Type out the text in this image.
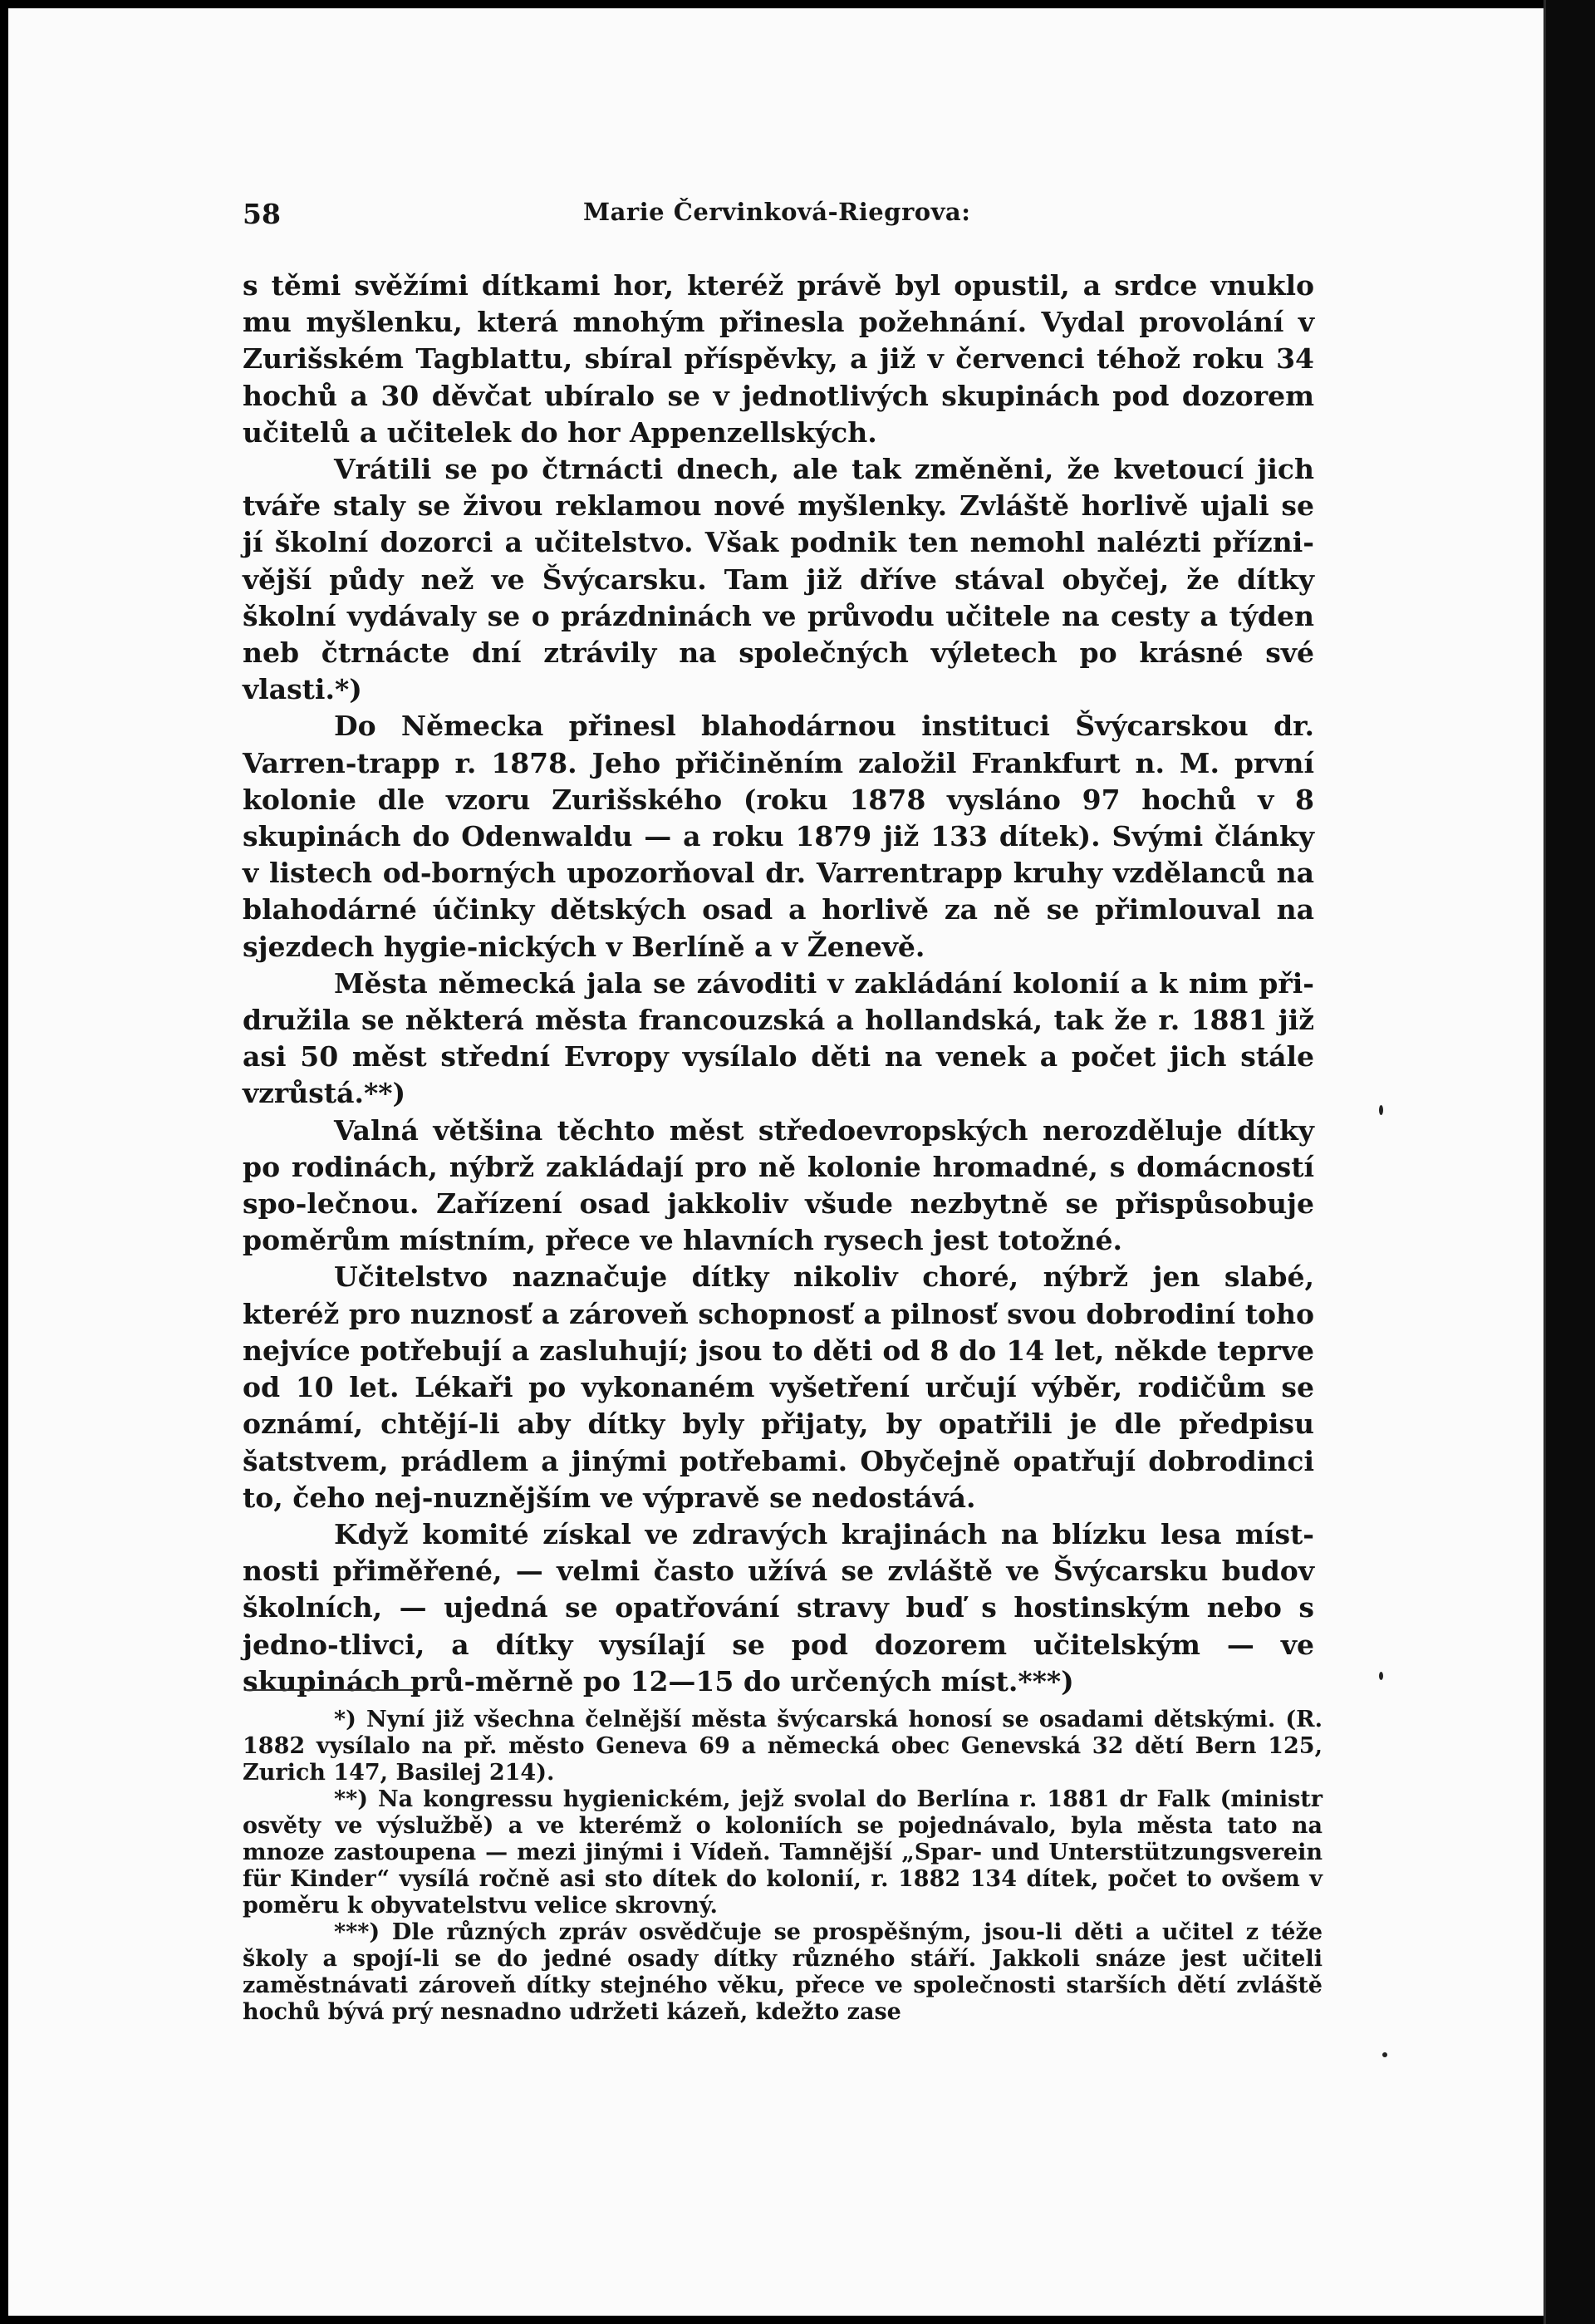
58	Marie Červinková-Riegrova:

s těmi svěžími dítkami hor, kteréž právě byl opustil, a srdce vnuklo mu myšlenku, která mnohým přinesla požehnání. Vydal provolání v Zurišském Tagblattu, sbíral příspěvky, a již v červenci téhož roku 34 hochů a 30 děvčat ubíralo se v jednotlivých skupinách pod dozorem učitelů a učitelek do hor Appenzellských.

Vrátili se po čtrnácti dnech, ale tak změněni, že kvetoucí jich tváře staly se živou reklamou nové myšlenky. Zvláště horlivě ujali se jí školní dozorci a učitelstvo. Však podnik ten nemohl nalézti přízni-vější půdy než ve Švýcarsku. Tam již dříve stával obyčej, že dítky školní vydávaly se o prázdninách ve průvodu učitele na cesty a týden neb čtrnácte dní ztrávily na společných výletech po krásné své vlasti.*)

Do Německa přinesl blahodárnou instituci Švýcarskou dr. Varren-trapp r. 1878. Jeho přičiněním založil Frankfurt n. M. první kolonie dle vzoru Zurišského (roku 1878 vysláno 97 hochů v 8 skupinách do Odenwaldu — a roku 1879 již 133 dítek). Svými články v listech od-borných upozorňoval dr. Varrentrapp kruhy vzdělanců na blahodárné účinky dětských osad a horlivě za ně se přimlouval na sjezdech hygie-nických v Berlíně a v Ženevě.

Města německá jala se závoditi v zakládání kolonií a k nim při-družila se některá města francouzská a hollandská, tak že r. 1881 již asi 50 měst střední Evropy vysílalo děti na venek a počet jich stále vzrůstá.**)

Valná většina těchto měst středoevropských nerozděluje dítky po rodinách, nýbrž zakládají pro ně kolonie hromadné, s domácností spo-lečnou. Zařízení osad jakkoliv všude nezbytně se přispůsobuje poměrům místním, přece ve hlavních rysech jest totožné.

Učitelstvo naznačuje dítky nikoliv choré, nýbrž jen slabé, kteréž pro nuznosť a zároveň schopnosť a pilnosť svou dobrodiní toho nejvíce potřebují a zasluhují; jsou to děti od 8 do 14 let, někde teprve od 10 let. Lékaři po vykonaném vyšetření určují výběr, rodičům se oznámí, chtějí-li aby dítky byly přijaty, by opatřili je dle předpisu šatstvem, prádlem a jinými potřebami. Obyčejně opatřují dobrodinci to, čeho nej-nuznějším ve výpravě se nedostává.

Když komité získal ve zdravých krajinách na blízku lesa míst-nosti přiměřené, — velmi často užívá se zvláště ve Švýcarsku budov školních, — ujedná se opatřování stravy buď s hostinským nebo s jedno-tlivci, a dítky vysílají se pod dozorem učitelským — ve skupinách prů-měrně po 12—15 do určených míst.***)

*) Nyní již všechna čelnější města švýcarská honosí se osadami dětskými. (R. 1882 vysílalo na př. město Geneva 69 a německá obec Genevská 32 dětí Bern 125, Zurich 147, Basilej 214).

**) Na kongressu hygienickém, jejž svolal do Berlína r. 1881 dr Falk (ministr osvěty ve výslužbě) a ve kterémž o koloniích se pojednávalo, byla města tato na mnoze zastoupena — mezi jinými i Vídeň. Tamnější „Spar- und Unterstützungsverein für Kinder“ vysílá ročně asi sto dítek do kolonií, r. 1882 134 dítek, počet to ovšem v poměru k obyvatelstvu velice skrovný.

***) Dle různých zpráv osvědčuje se prospěšným, jsou-li děti a učitel z téže školy a spojí-li se do jedné osady dítky různého stáří. Jakkoli snáze jest učiteli zaměstnávati zároveň dítky stejného věku, přece ve společnosti starších dětí zvláště hochů bývá prý nesnadno udržeti kázeň, kdežto zase
